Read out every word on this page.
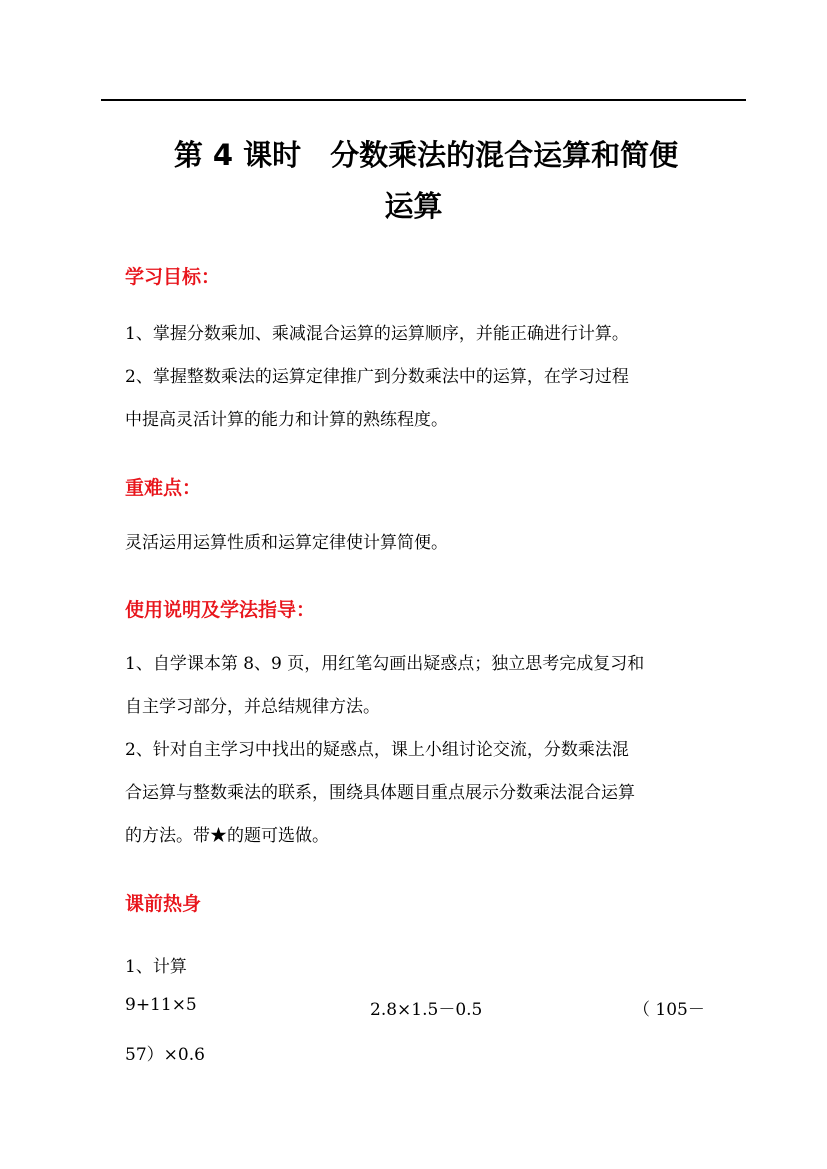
第 4 课时　分数乘法的混合运算和简便
运算
学习目标：
1、掌握分数乘加、乘减混合运算的运算顺序，并能正确进行计算。
2、掌握整数乘法的运算定律推广到分数乘法中的运算，在学习过程
中提高灵活计算的能力和计算的熟练程度。
重难点：
灵活运用运算性质和运算定律使计算简便。
使用说明及学法指导：
1、自学课本第 8、9 页，用红笔勾画出疑惑点；独立思考完成复习和
自主学习部分，并总结规律方法。
2、针对自主学习中找出的疑惑点，课上小组讨论交流，分数乘法混
合运算与整数乘法的联系，围绕具体题目重点展示分数乘法混合运算
的方法。带★的题可选做。
课前热身
1、计算
9+11×5	2.8×1.5－0.5	（ 105－
57）×0.6
